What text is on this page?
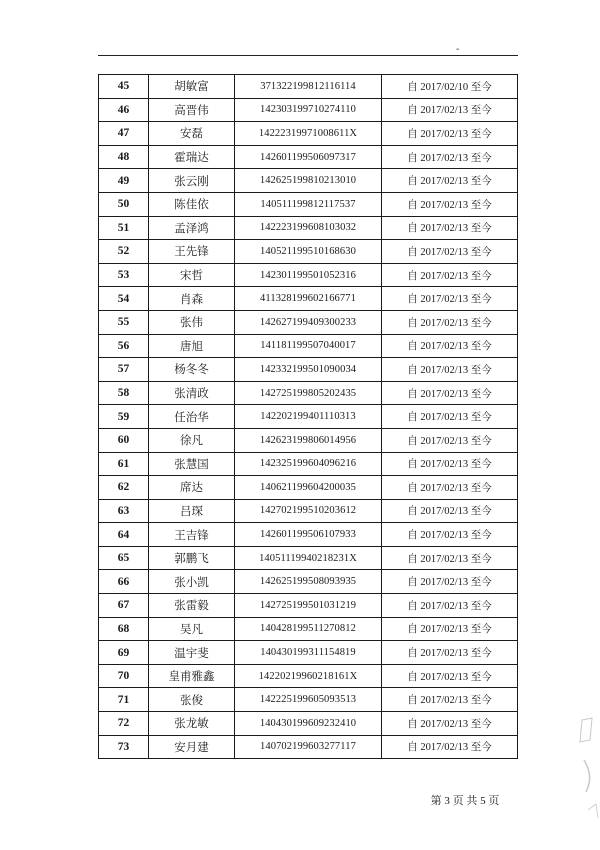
-
45	胡敏富	371322199812116114	自 2017/02/10 至今
46	高晋伟	142303199710274110	自 2017/02/13 至今
47	安磊	14222319971008611X	自 2017/02/13 至今
48	霍瑞达	142601199506097317	自 2017/02/13 至今
49	张云刚	142625199810213010	自 2017/02/13 至今
50	陈佳依	140511199812117537	自 2017/02/13 至今
51	孟泽鸿	142223199608103032	自 2017/02/13 至今
52	王先锋	140521199510168630	自 2017/02/13 至今
53	宋哲	142301199501052316	自 2017/02/13 至今
54	肖森	411328199602166771	自 2017/02/13 至今
55	张伟	142627199409300233	自 2017/02/13 至今
56	唐旭	141181199507040017	自 2017/02/13 至今
57	杨冬冬	142332199501090034	自 2017/02/13 至今
58	张清政	142725199805202435	自 2017/02/13 至今
59	任治华	142202199401110313	自 2017/02/13 至今
60	徐凡	142623199806014956	自 2017/02/13 至今
61	张慧国	142325199604096216	自 2017/02/13 至今
62	席达	140621199604200035	自 2017/02/13 至今
63	吕琛	142702199510203612	自 2017/02/13 至今
64	王吉锋	142601199506107933	自 2017/02/13 至今
65	郭鹏飞	14051119940218231X	自 2017/02/13 至今
66	张小凯	142625199508093935	自 2017/02/13 至今
67	张雷毅	142725199501031219	自 2017/02/13 至今
68	吴凡	140428199511270812	自 2017/02/13 至今
69	温宇斐	140430199311154819	自 2017/02/13 至今
70	皇甫雅鑫	14220219960218161X	自 2017/02/13 至今
71	张俊	142225199605093513	自 2017/02/13 至今
72	张龙敏	140430199609232410	自 2017/02/13 至今
73	安月建	140702199603277117	自 2017/02/13 至今
第 3 页 共 5 页
